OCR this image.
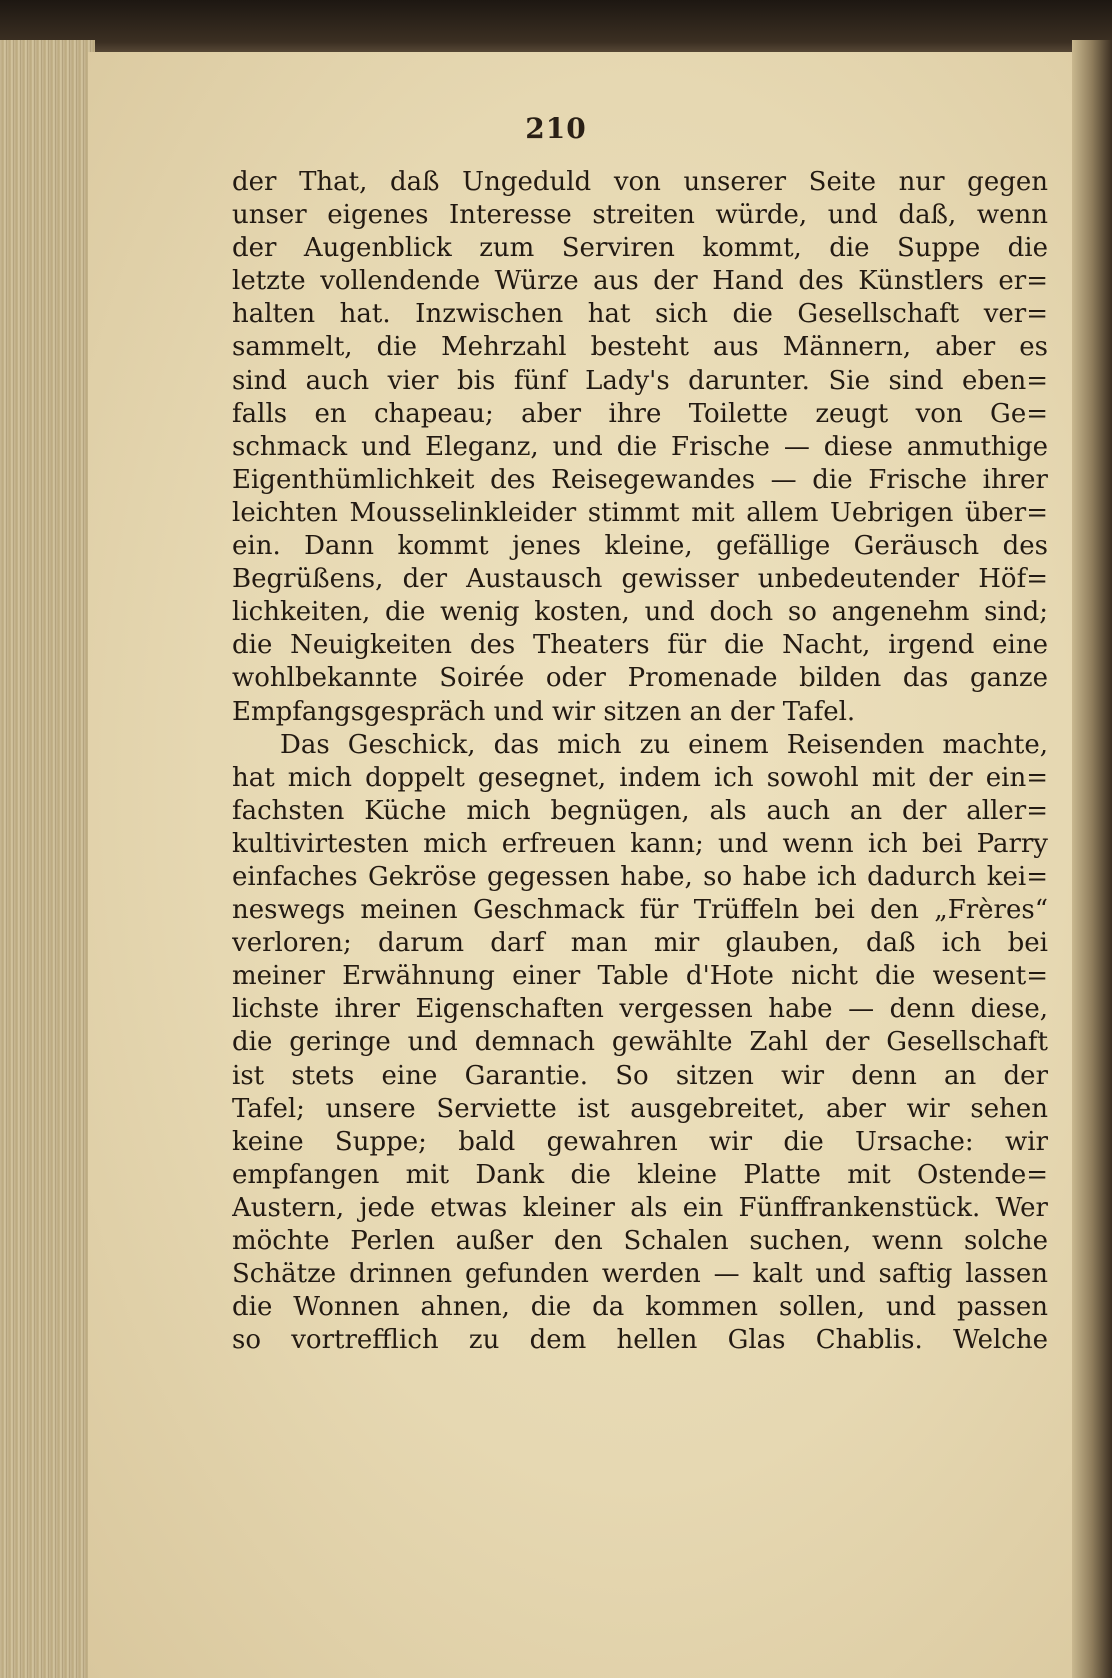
210
der That, daß Ungeduld von unserer Seite nur gegen
unser eigenes Interesse streiten würde, und daß, wenn
der Augenblick zum Serviren kommt, die Suppe die
letzte vollendende Würze aus der Hand des Künstlers er=
halten hat. Inzwischen hat sich die Gesellschaft ver=
sammelt, die Mehrzahl besteht aus Männern, aber es
sind auch vier bis fünf Lady's darunter. Sie sind eben=
falls en chapeau; aber ihre Toilette zeugt von Ge=
schmack und Eleganz, und die Frische — diese anmuthige
Eigenthümlichkeit des Reisegewandes — die Frische ihrer
leichten Mousselinkleider stimmt mit allem Uebrigen über=
ein. Dann kommt jenes kleine, gefällige Geräusch des
Begrüßens, der Austausch gewisser unbedeutender Höf=
lichkeiten, die wenig kosten, und doch so angenehm sind;
die Neuigkeiten des Theaters für die Nacht, irgend eine
wohlbekannte Soirée oder Promenade bilden das ganze
Empfangsgespräch und wir sitzen an der Tafel.
Das Geschick, das mich zu einem Reisenden machte,
hat mich doppelt gesegnet, indem ich sowohl mit der ein=
fachsten Küche mich begnügen, als auch an der aller=
kultivirtesten mich erfreuen kann; und wenn ich bei Parry
einfaches Gekröse gegessen habe, so habe ich dadurch kei=
neswegs meinen Geschmack für Trüffeln bei den „Frères“
verloren; darum darf man mir glauben, daß ich bei
meiner Erwähnung einer Table d'Hote nicht die wesent=
lichste ihrer Eigenschaften vergessen habe — denn diese,
die geringe und demnach gewählte Zahl der Gesellschaft
ist stets eine Garantie. So sitzen wir denn an der
Tafel; unsere Serviette ist ausgebreitet, aber wir sehen
keine Suppe; bald gewahren wir die Ursache: wir
empfangen mit Dank die kleine Platte mit Ostende=
Austern, jede etwas kleiner als ein Fünffrankenstück. Wer
möchte Perlen außer den Schalen suchen, wenn solche
Schätze drinnen gefunden werden — kalt und saftig lassen
die Wonnen ahnen, die da kommen sollen, und passen
so vortrefflich zu dem hellen Glas Chablis. Welche
